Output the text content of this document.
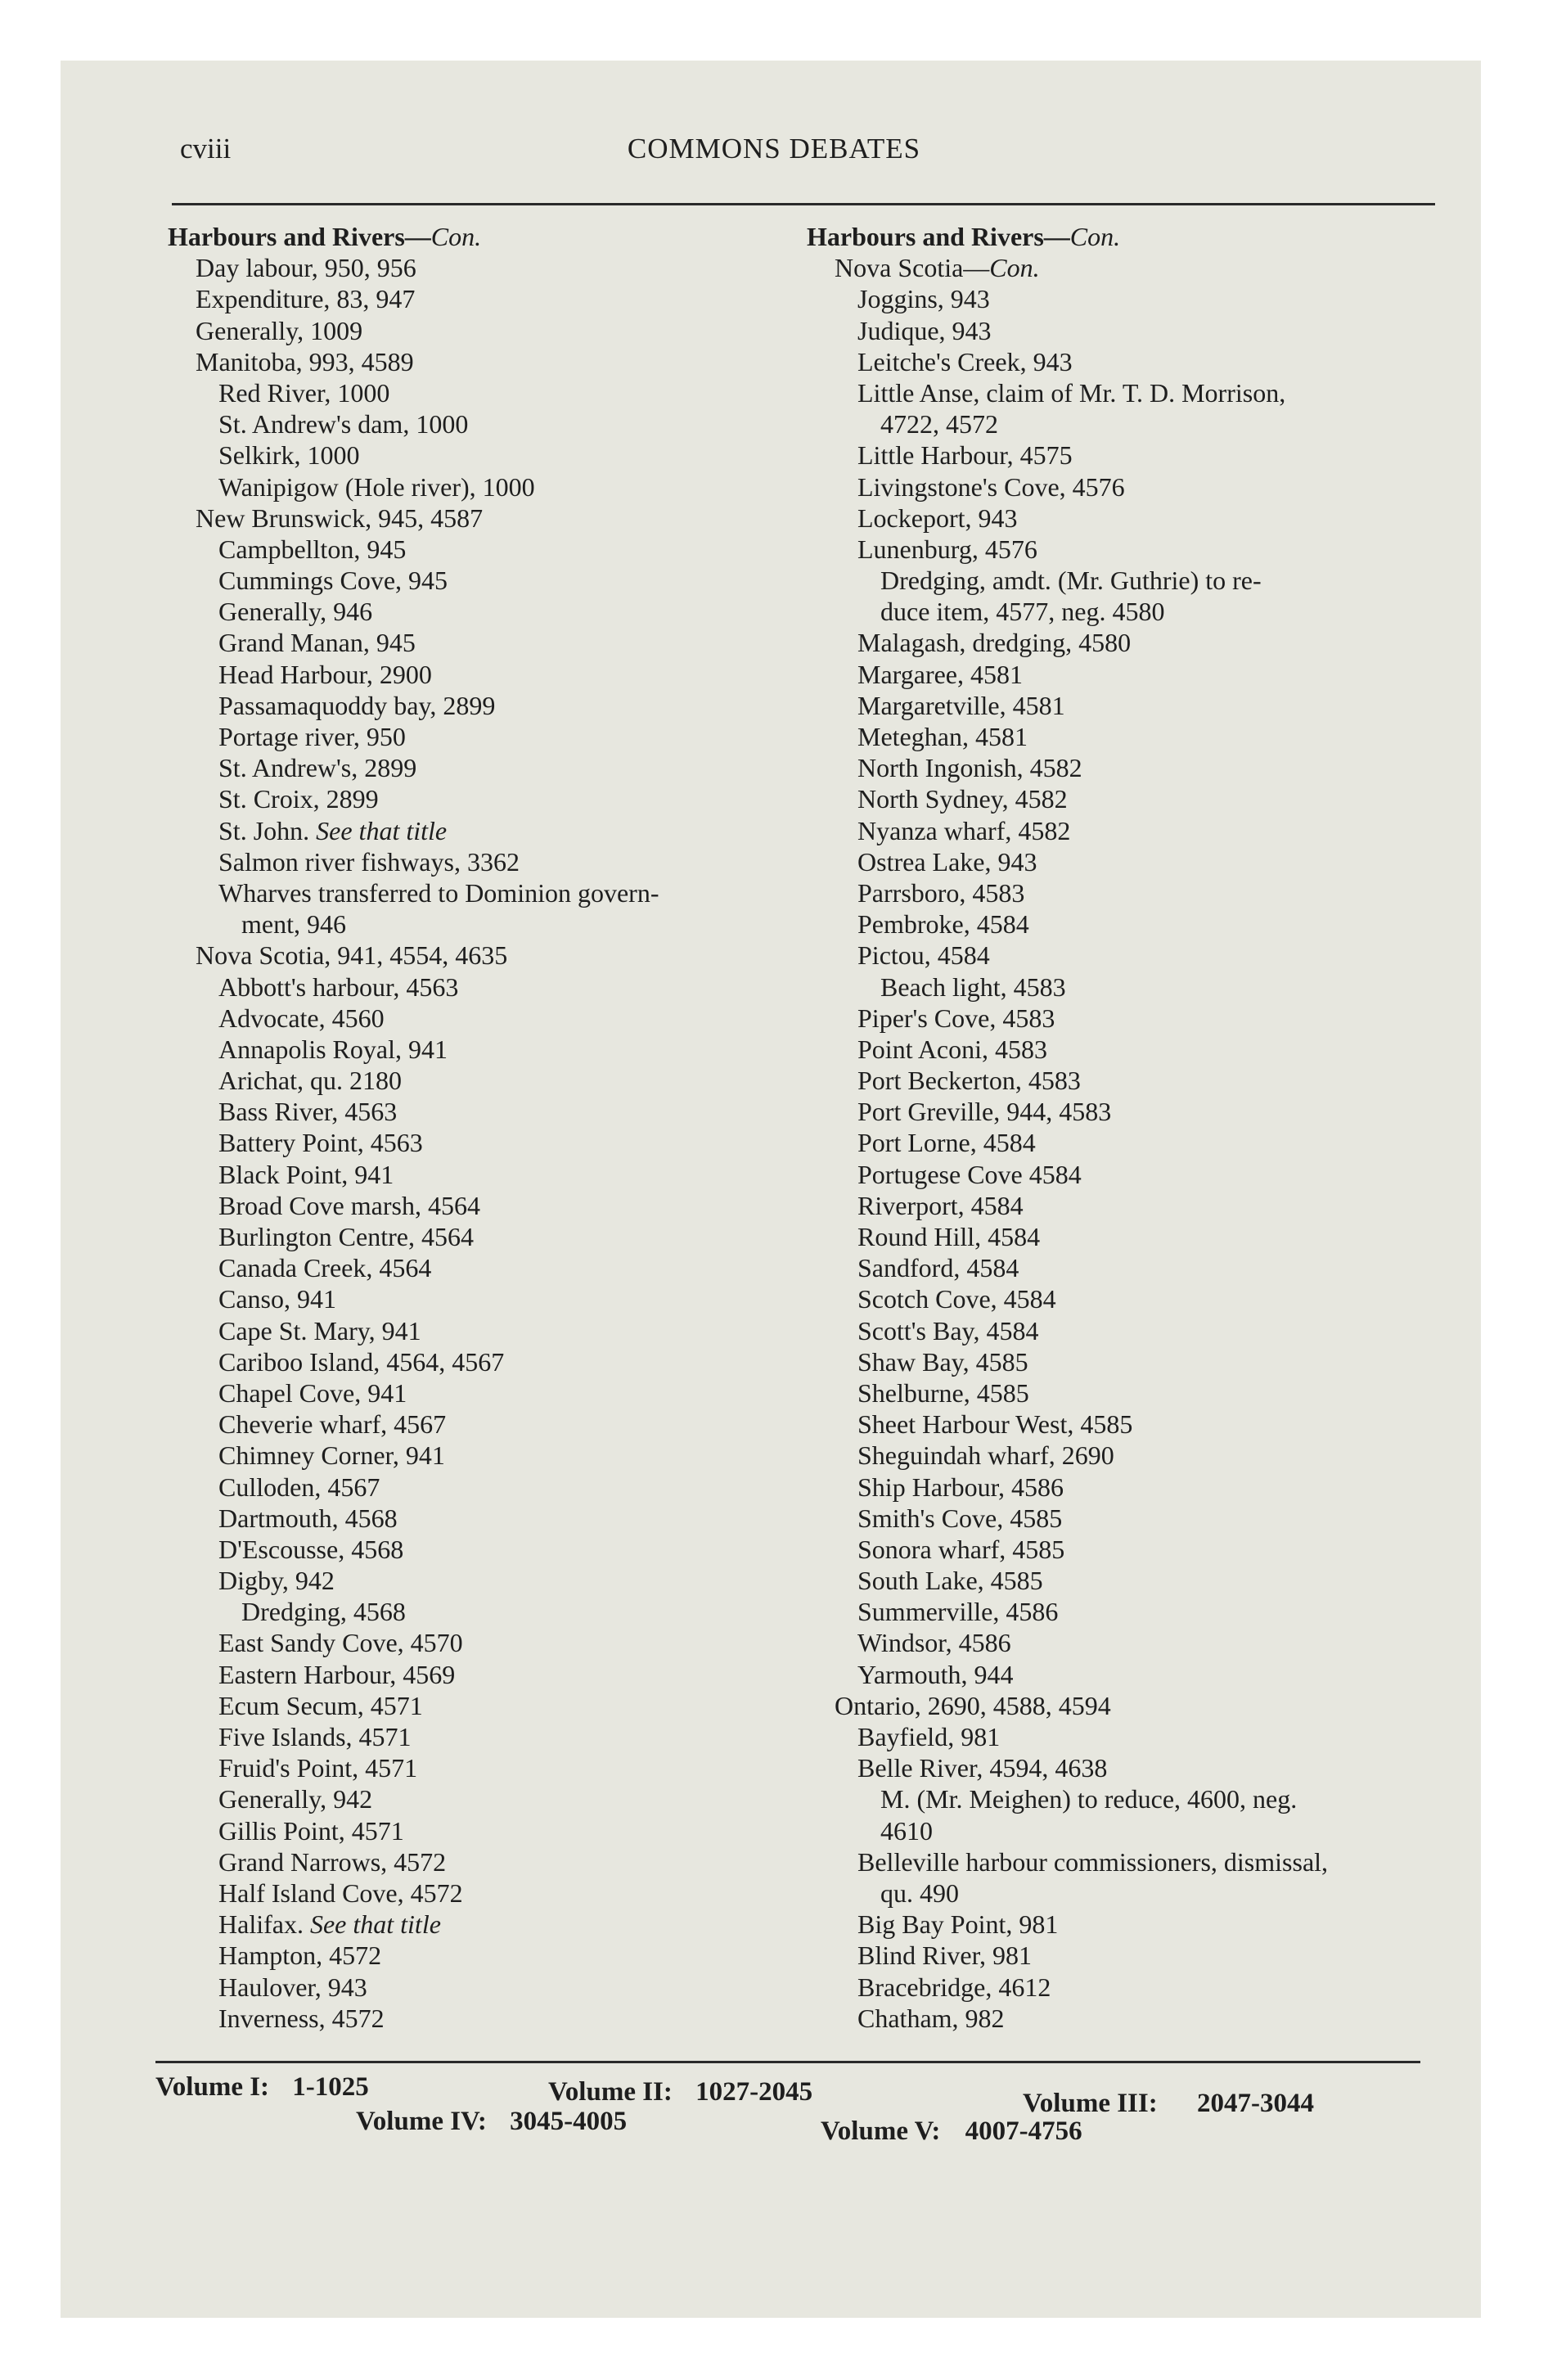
cviii	COMMONS DEBATES
Harbours and Rivers—Con.
Day labour, 950, 956
Expenditure, 83, 947
Generally, 1009
Manitoba, 993, 4589
Red River, 1000
St. Andrew's dam, 1000
Selkirk, 1000
Wanipigow (Hole river), 1000
New Brunswick, 945, 4587
Campbellton, 945
Cummings Cove, 945
Generally, 946
Grand Manan, 945
Head Harbour, 2900
Passamaquoddy bay, 2899
Portage river, 950
St. Andrew's, 2899
St. Croix, 2899
St. John. See that title
Salmon river fishways, 3362
Wharves transferred to Dominion govern-
ment, 946
Nova Scotia, 941, 4554, 4635
Abbott's harbour, 4563
Advocate, 4560
Annapolis Royal, 941
Arichat, qu. 2180
Bass River, 4563
Battery Point, 4563
Black Point, 941
Broad Cove marsh, 4564
Burlington Centre, 4564
Canada Creek, 4564
Canso, 941
Cape St. Mary, 941
Cariboo Island, 4564, 4567
Chapel Cove, 941
Cheverie wharf, 4567
Chimney Corner, 941
Culloden, 4567
Dartmouth, 4568
D'Escousse, 4568
Digby, 942
Dredging, 4568
East Sandy Cove, 4570
Eastern Harbour, 4569
Ecum Secum, 4571
Five Islands, 4571
Fruid's Point, 4571
Generally, 942
Gillis Point, 4571
Grand Narrows, 4572
Half Island Cove, 4572
Halifax. See that title
Hampton, 4572
Haulover, 943
Inverness, 4572
Harbours and Rivers—Con.
Nova Scotia—Con.
Joggins, 943
Judique, 943
Leitche's Creek, 943
Little Anse, claim of Mr. T. D. Morrison,
4722, 4572
Little Harbour, 4575
Livingstone's Cove, 4576
Lockeport, 943
Lunenburg, 4576
Dredging, amdt. (Mr. Guthrie) to re-
duce item, 4577, neg. 4580
Malagash, dredging, 4580
Margaree, 4581
Margaretville, 4581
Meteghan, 4581
North Ingonish, 4582
North Sydney, 4582
Nyanza wharf, 4582
Ostrea Lake, 943
Parrsboro, 4583
Pembroke, 4584
Pictou, 4584
Beach light, 4583
Piper's Cove, 4583
Point Aconi, 4583
Port Beckerton, 4583
Port Greville, 944, 4583
Port Lorne, 4584
Portugese Cove 4584
Riverport, 4584
Round Hill, 4584
Sandford, 4584
Scotch Cove, 4584
Scott's Bay, 4584
Shaw Bay, 4585
Shelburne, 4585
Sheet Harbour West, 4585
Sheguindah wharf, 2690
Ship Harbour, 4586
Smith's Cove, 4585
Sonora wharf, 4585
South Lake, 4585
Summerville, 4586
Windsor, 4586
Yarmouth, 944
Ontario, 2690, 4588, 4594
Bayfield, 981
Belle River, 4594, 4638
M. (Mr. Meighen) to reduce, 4600, neg.
4610
Belleville harbour commissioners, dismissal,
qu. 490
Big Bay Point, 981
Blind River, 981
Bracebridge, 4612
Chatham, 982
Volume I: 1-1025	Volume II: 1027-2045	Volume III: 2047-3044
Volume IV: 3045-4005	Volume V: 4007-4756
